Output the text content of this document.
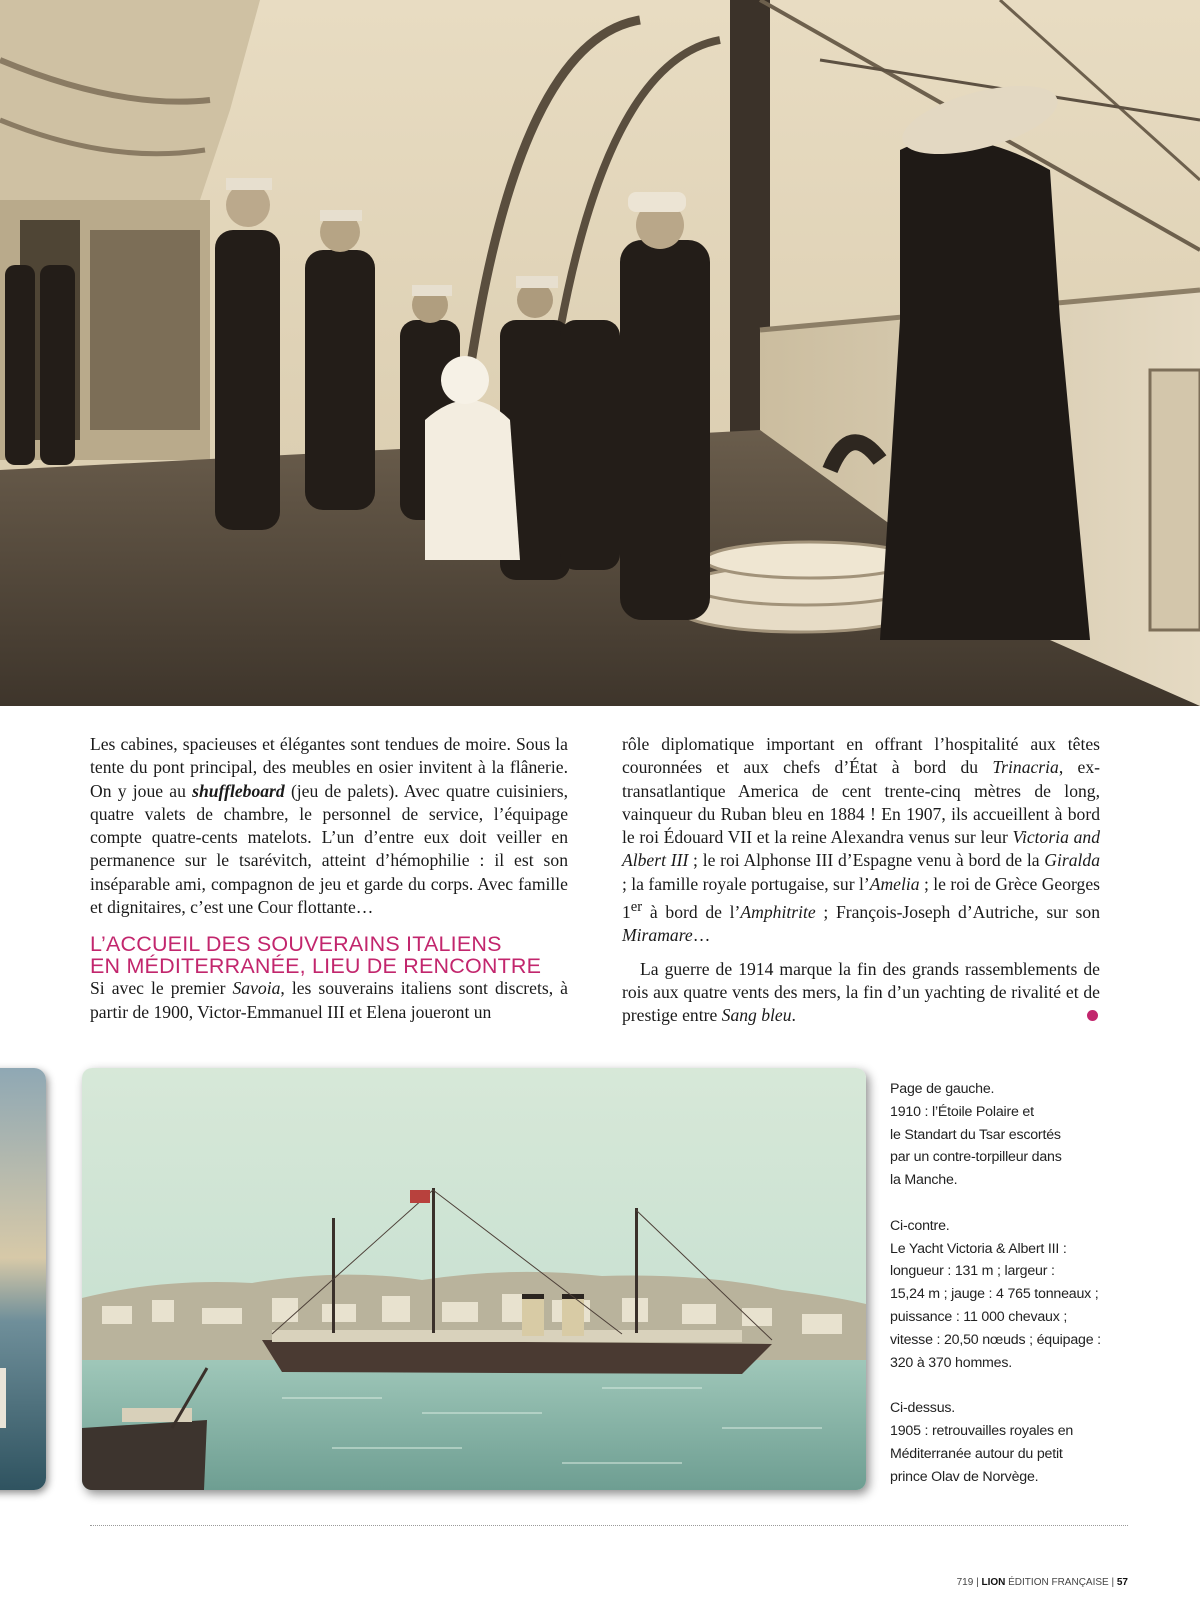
Les cabines, spacieuses et élégantes sont tendues de moire. Sous la tente du pont principal, des meubles en osier invitent à la flânerie. On y joue au shuffleboard (jeu de palets). Avec quatre cuisiniers, quatre valets de chambre, le personnel de service, l’équipage compte quatre-cents matelots. L’un d’entre eux doit veiller en permanence sur le tsarévitch, atteint d’hémophilie : il est son inséparable ami, compagnon de jeu et garde du corps. Avec famille et dignitaires, c’est une Cour flottante…

L’ACCUEIL DES SOUVERAINS ITALIENS
EN MÉDITERRANÉE, LIEU DE RENCONTRE

Si avec le premier Savoia, les souverains italiens sont discrets, à partir de 1900, Victor-Emmanuel III et Elena joueront un

rôle diplomatique important en offrant l’hospitalité aux têtes couronnées et aux chefs d’État à bord du Trinacria, ex-transatlantique America de cent trente-cinq mètres de long, vainqueur du Ruban bleu en 1884 ! En 1907, ils accueillent à bord le roi Édouard VII et la reine Alexandra venus sur leur Victoria and Albert III ; le roi Alphonse III d’Espagne venu à bord de la Giralda ; la famille royale portugaise, sur l’Amelia ; le roi de Grèce Georges 1er à bord de l’Amphitrite ; François-Joseph d’Autriche, sur son Miramare…

La guerre de 1914 marque la fin des grands rassemblements de rois aux quatre vents des mers, la fin d’un yachting de rivalité et de prestige entre Sang bleu.

Page de gauche.
1910 : l’Étoile Polaire et
le Standart du Tsar escortés
par un contre-torpilleur dans
la Manche.
Ci-contre.
Le Yacht Victoria & Albert III :
longueur : 131 m ; largeur :
15,24 m ; jauge : 4 765 tonneaux ;
puissance : 11 000 chevaux ;
vitesse : 20,50 nœuds ; équipage :
320 à 370 hommes.
Ci-dessus.
1905 : retrouvailles royales en
Méditerranée autour du petit
prince Olav de Norvège.
719 | LION ÉDITION FRANÇAISE | 57
